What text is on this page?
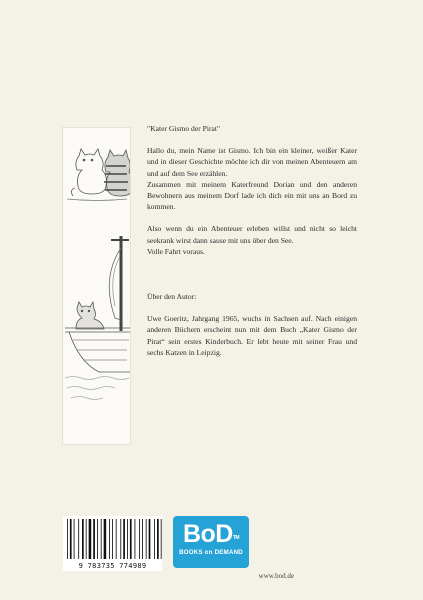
"Kater Gismo der Pirat"

Hallo du, mein Name ist Gismo. Ich bin ein kleiner, weißer Kater und in dieser Geschichte möchte ich dir von meinen Abenteuern am und auf dem See erzählen.

Zusammen mit meinem Katerfreund Dorian und den anderen Bewohnern aus meinem Dorf lade ich dich ein mit uns an Bord zu kommen.

Also wenn du ein Abenteuer erleben willst und nicht so leicht seekrank wirst dann sause mit uns über den See.

Volle Fahrt voraus.

Über den Autor:

Uwe Goeritz, Jahrgang 1965, wuchs in Sachsen auf. Nach einigen anderen Büchern erscheint nun mit dem Buch „Kater Gismo der Pirat“ sein erstes Kinderbuch. Er lebt heute mit seiner Frau und sechs Katzen in Leipzig.

9 783735 774989
BoD™
BOOKS on DEMAND
www.bod.de
